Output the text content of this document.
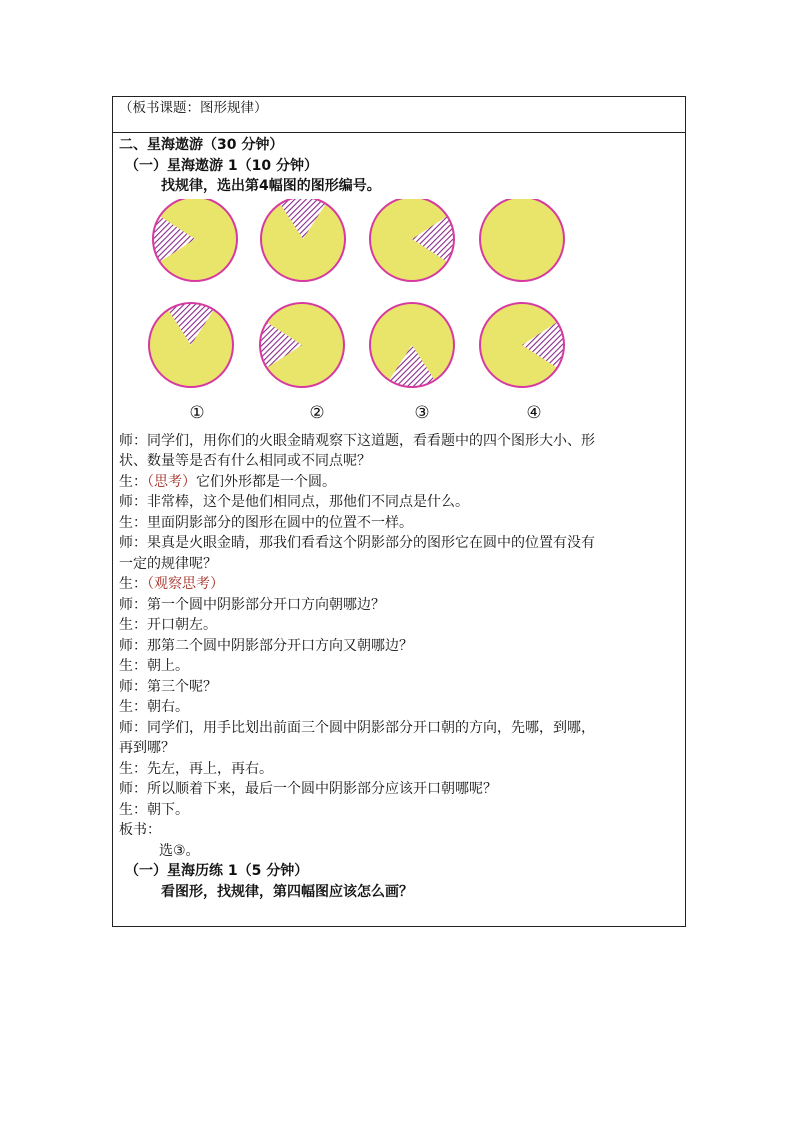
（板书课题：图形规律）

二、星海遨游（30 分钟）
（一）星海遨游 1（10 分钟）
找规律，选出第4幅图的图形编号。
①	②	③	④
师：同学们，用你们的火眼金睛观察下这道题，看看题中的四个图形大小、形
状、数量等是否有什么相同或不同点呢？
生：（思考）它们外形都是一个圆。
师：非常棒，这个是他们相同点，那他们不同点是什么。
生：里面阴影部分的图形在圆中的位置不一样。
师：果真是火眼金睛，那我们看看这个阴影部分的图形它在圆中的位置有没有
一定的规律呢？
生：（观察思考）
师：第一个圆中阴影部分开口方向朝哪边？
生：开口朝左。
师：那第二个圆中阴影部分开口方向又朝哪边？
生：朝上。
师：第三个呢？
生：朝右。
师：同学们，用手比划出前面三个圆中阴影部分开口朝的方向，先哪，到哪，
再到哪？
生：先左，再上，再右。
师：所以顺着下来，最后一个圆中阴影部分应该开口朝哪呢？
生：朝下。
板书：
选③。
（一）星海历练 1（5 分钟）
看图形，找规律，第四幅图应该怎么画？
